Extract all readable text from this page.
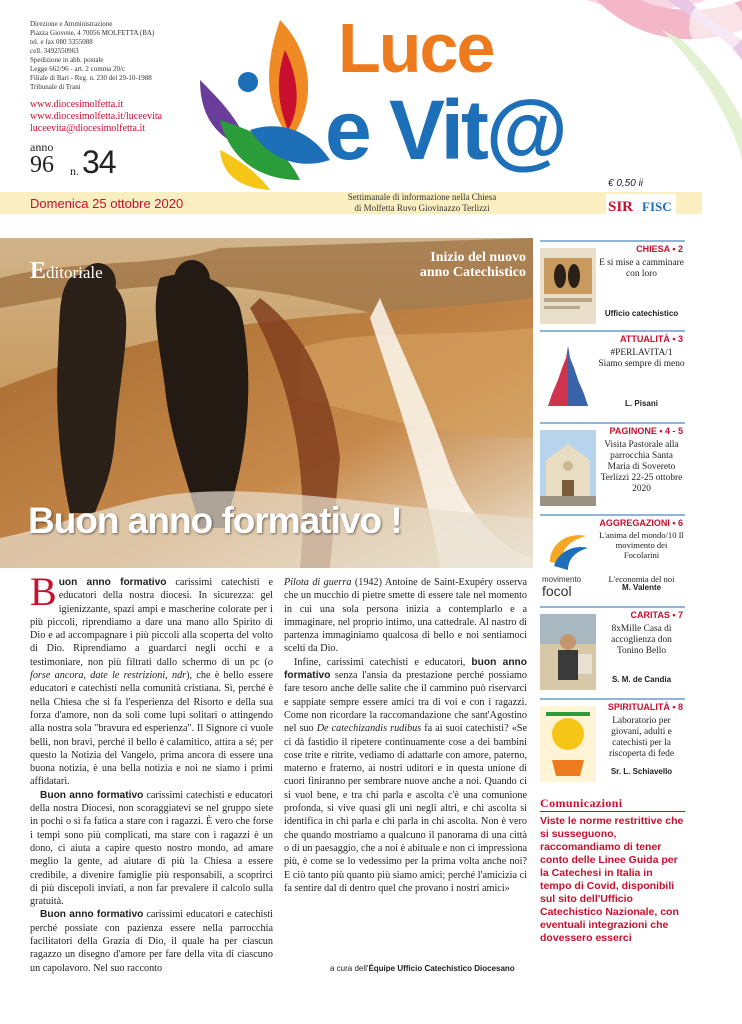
Direzione e Amministrazione
Piazza Giovene, 4 70056 MOLFETTA (BA)
tel. e fax 080 3355088
cell. 3492550963
Spedizione in abb. postale
Legge 662/96 - art. 2 comma 20/c
Filiale di Bari - Reg. n. 230 del 29-10-1988
Tribunale di Trani
www.diocesimolfetta.it
www.diocesimolfetta.it/luceevita
luceevita@diocesimolfetta.it
anno
96 n. 34
Luce
e Vit@
Domenica 25 ottobre 2020	Settimanale di informazione nella Chiesa
di Molfetta Ruvo Giovinazzo Terlizzi
€ 0,50 ii
SIR FISC
Editoriale
Inizio del nuovo
anno Catechistico
Buon anno formativo !

Buon anno formativo carissimi catechisti e educatori della nostra diocesi. In sicurezza: gel igienizzante, spazi ampi e mascherine colorate per i più piccoli, riprendiamo a dare una mano allo Spirito di Dio e ad accompagnare i più piccoli alla scoperta del volto di Dio. Riprendiamo a guardarci negli occhi e a testimoniare, non più filtrati dallo schermo di un pc (o forse ancora, date le restrizioni, ndr), che è bello essere educatori e catechisti nella comunità cristiana. Sì, perché è nella Chiesa che si fa l'esperienza del Risorto e della sua forza d'amore, non da soli come lupi solitari o attingendo alla nostra sola "bravura ed esperienza". Il Signore ci vuole belli, non bravi, perché il bello è calamitico, attira a sé; per questo la Notizia del Vangelo, prima ancora di essere una buona notizia, è una bella notizia e noi ne siamo i primi affidatari.

Buon anno formativo carissimi catechisti e educatori della nostra Diocesi, non scoraggiatevi se nel gruppo siete in pochi o si fa fatica a stare con i ragazzi. È vero che forse i tempi sono più complicati, ma stare con i ragazzi è un dono, ci aiuta a capire questo nostro mondo, ad amare meglio la gente, ad aiutare di più la Chiesa a essere credibile, a divenire famiglie più responsabili, a scoprirci di più discepoli inviati, a non far prevalere il calcolo sulla gratuità.

Buon anno formativo carissimi educatori e catechisti perché possiate con pazienza essere nella parrocchia facilitatori della Grazia di Dio, il quale ha per ciascun ragazzo un disegno d'amore per fare della vita di ciascuno un capolavoro. Nel suo racconto

Pilota di guerra (1942) Antoine de Saint-Exupéry osserva che un mucchio di pietre smette di essere tale nel momento in cui una sola persona inizia a contemplarlo e a immaginare, nel proprio intimo, una cattedrale. Al nastro di partenza immaginiamo qualcosa di bello e noi sentiamoci scelti da Dio.

Infine, carissimi catechisti e educatori, buon anno formativo senza l'ansia da prestazione perché possiamo fare tesoro anche delle salite che il cammino può riservarci e sappiate sempre essere amici tra di voi e con i ragazzi. Come non ricordare la raccomandazione che sant'Agostino nel suo De catechizandis rudibus fa ai suoi catechisti? «Se ci dà fastidio il ripetere continuamente cose a dei bambini cose trite e ritrite, vediamo di adattarle con amore, paterno, materno e fraterno, ai nostri uditori e in questa unione di cuori finiranno per sembrare nuove anche a noi. Quando ci si vuol bene, e tra chi parla e ascolta c'è una comunione profonda, si vive quasi gli uni negli altri, e chi ascolta si identifica in chi parla e chi parla in chi ascolta. Non è vero che quando mostriamo a qualcuno il panorama di una città o di un paesaggio, che a noi è abituale e non ci impressiona più, è come se lo vedessimo per la prima volta anche noi? E ciò tanto più quanto più siamo amici; perché l'amicizia ci fa sentire dal di dentro quel che provano i nostri amici»

a cura dell'Équipe Ufficio Catechistico Diocesano
CHIESA • 2
E si mise a camminare con loro
Ufficio catechistico
ATTUALITÀ • 3
#PERLAVITA/1 Siamo sempre di meno
L. Pisani
PAGINONE • 4 - 5
Visita Pastorale alla parrocchia Santa Maria di Sovereto Terlizzi 22-25 ottobre 2020
movimento
focol
AGGREGAZIONI • 6
L'anima del mondo/10 Il movimento dei Focolarini
L'economia del noi
M. Valente
CARITAS • 7
8xMille Casa di accoglienza don Tonino Bello
S. M. de Candia
SPIRITUALITÀ • 8
Laboratorio per giovani, adulti e catechisti per la riscoperta di fede
Sr. L. Schiavello
Comunicazioni
Viste le norme restrittive che si susseguono, raccomandiamo di tener conto delle Linee Guida per la Catechesi in Italia in tempo di Covid, disponibili sul sito dell'Ufficio Catechistico Nazionale, con eventuali integrazioni che dovessero esserci
